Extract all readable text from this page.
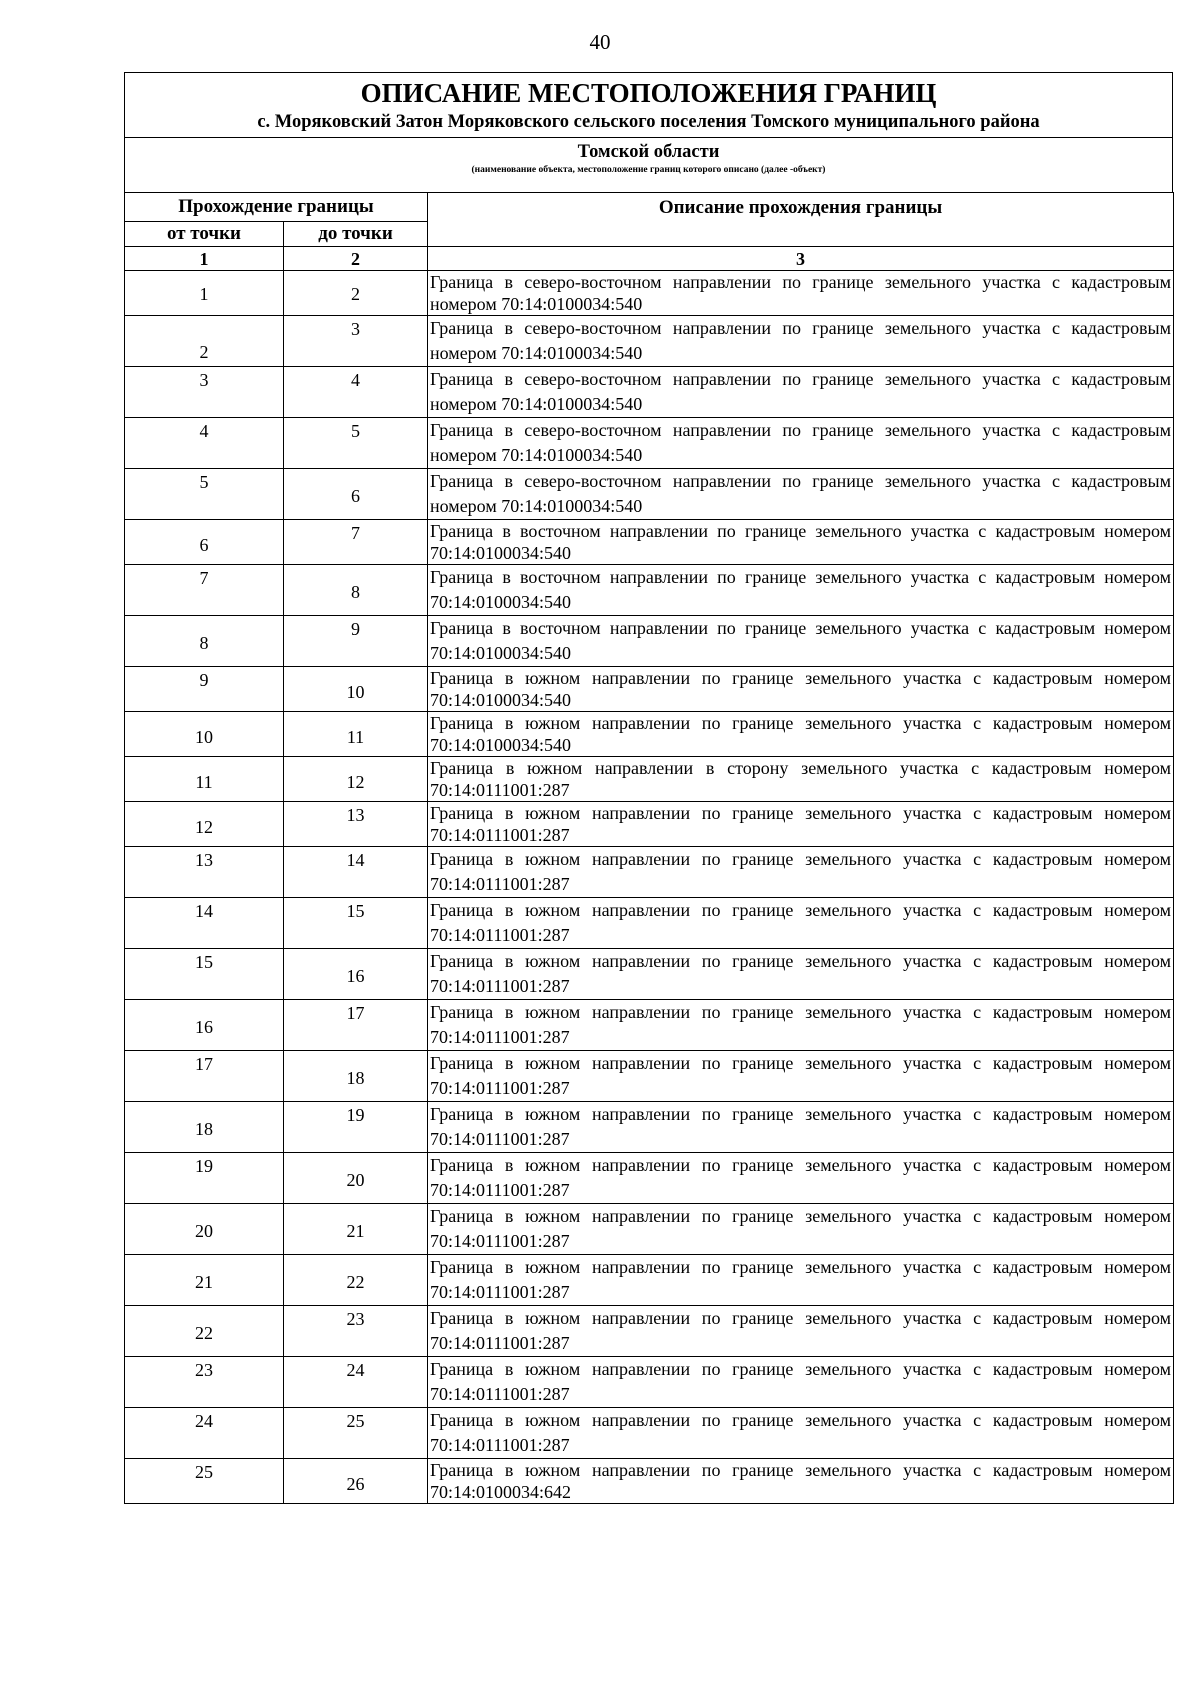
40
ОПИСАНИЕ МЕСТОПОЛОЖЕНИЯ ГРАНИЦ
с. Моряковский Затон Моряковского сельского поселения Томского муниципального района
Томской области
(наименование объекта, местоположение границ которого описано (далее -объект)
Прохождение границы		Описание прохождения границы
от точки	до точки	
1	2	3

1	2	Граница в северо-восточном направлении по границе земельного участка с кадастровым номером 70:14:0100034:540

2	3	Граница в северо-восточном направлении по границе земельного участка с кадастровым номером 70:14:0100034:540

3	4	Граница в северо-восточном направлении по границе земельного участка с кадастровым номером 70:14:0100034:540

4	5	Граница в северо-восточном направлении по границе земельного участка с кадастровым номером 70:14:0100034:540

5	6	Граница в северо-восточном направлении по границе земельного участка с кадастровым номером 70:14:0100034:540

6	7	Граница в восточном направлении по границе земельного участка с кадастровым номером 70:14:0100034:540

7	8	Граница в восточном направлении по границе земельного участка с кадастровым номером 70:14:0100034:540

8	9	Граница в восточном направлении по границе земельного участка с кадастровым номером 70:14:0100034:540

9	10	Граница в южном направлении по границе земельного участка с кадастровым номером 70:14:0100034:540

10	11	Граница в южном направлении по границе земельного участка с кадастровым номером 70:14:0100034:540

11	12	Граница в южном направлении в сторону земельного участка с кадастровым номером 70:14:0111001:287

12	13	Граница в южном направлении по границе земельного участка с кадастровым номером 70:14:0111001:287

13	14	Граница в южном направлении по границе земельного участка с кадастровым номером 70:14:0111001:287

14	15	Граница в южном направлении по границе земельного участка с кадастровым номером 70:14:0111001:287

15	16	Граница в южном направлении по границе земельного участка с кадастровым номером 70:14:0111001:287

16	17	Граница в южном направлении по границе земельного участка с кадастровым номером 70:14:0111001:287

17	18	Граница в южном направлении по границе земельного участка с кадастровым номером 70:14:0111001:287

18	19	Граница в южном направлении по границе земельного участка с кадастровым номером 70:14:0111001:287

19	20	Граница в южном направлении по границе земельного участка с кадастровым номером 70:14:0111001:287

20	21	Граница в южном направлении по границе земельного участка с кадастровым номером 70:14:0111001:287

21	22	Граница в южном направлении по границе земельного участка с кадастровым номером 70:14:0111001:287

22	23	Граница в южном направлении по границе земельного участка с кадастровым номером 70:14:0111001:287

23	24	Граница в южном направлении по границе земельного участка с кадастровым номером 70:14:0111001:287

24	25	Граница в южном направлении по границе земельного участка с кадастровым номером 70:14:0111001:287

25	26	Граница в южном направлении по границе земельного участка с кадастровым номером 70:14:0100034:642
